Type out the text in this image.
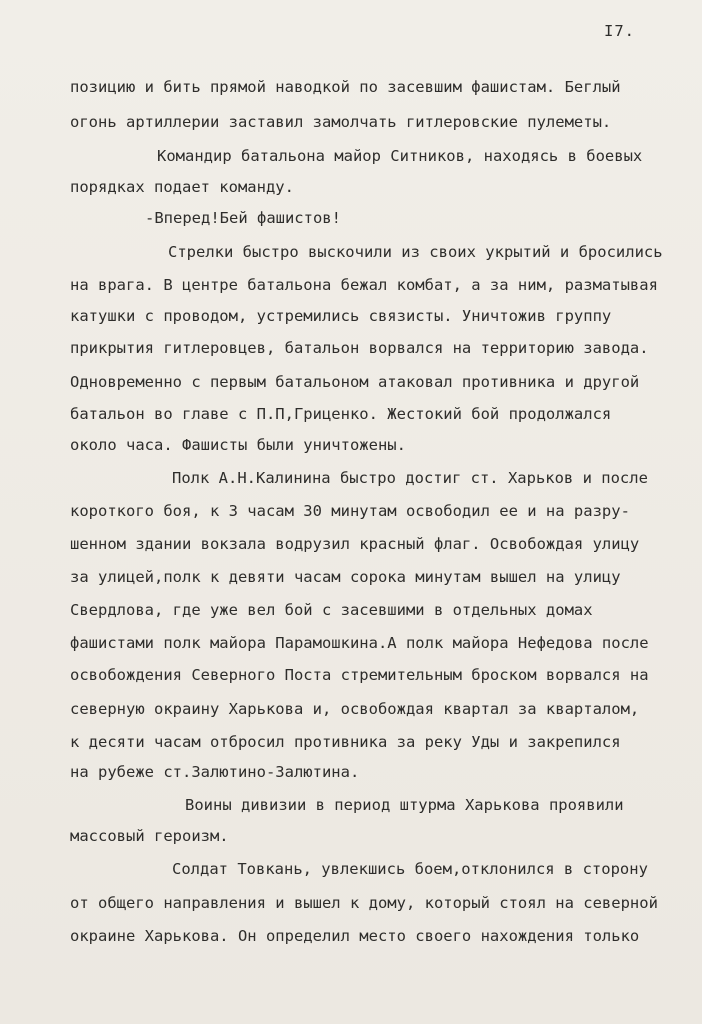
I7.
позицию и бить прямой наводкой по засевшим фашистам. Беглый
огонь артиллерии заставил замолчать гитлеровские пулеметы.
Командир батальона майор Ситников, находясь в боевых
порядках подает команду.
-Вперед!Бей фашистов!
Стрелки быстро выскочили из своих укрытий и бросились
на врага. В центре батальона бежал комбат, а за ним, разматывая
катушки с проводом, устремились связисты. Уничтожив группу
прикрытия гитлеровцев, батальон ворвался на территорию завода.
Одновременно с первым батальоном атаковал противника и другой
батальон во главе с П.П,Гриценко. Жестокий бой продолжался
около часа. Фашисты были уничтожены.
Полк А.Н.Калинина быстро достиг ст. Харьков и после
короткого боя, к 3 часам 30 минутам освободил ее и на разру-
шенном здании вокзала водрузил красный флаг. Освобождая улицу
за улицей,полк к девяти часам сорока минутам вышел на улицу
Свердлова, где уже вел бой с засевшими в отдельных домах
фашистами полк майора Парамошкина.А полк майора Нефедова после
освобождения Северного Поста стремительным броском ворвался на
северную окраину Харькова и, освобождая квартал за кварталом,
к десяти часам отбросил противника за реку Уды и закрепился
на рубеже ст.Залютино-Залютина.
Воины дивизии в период штурма Харькова проявили
массовый героизм.
Солдат Товкань, увлекшись боем,отклонился в сторону
от общего направления и вышел к дому, который стоял на северной
окраине Харькова. Он определил место своего нахождения только
